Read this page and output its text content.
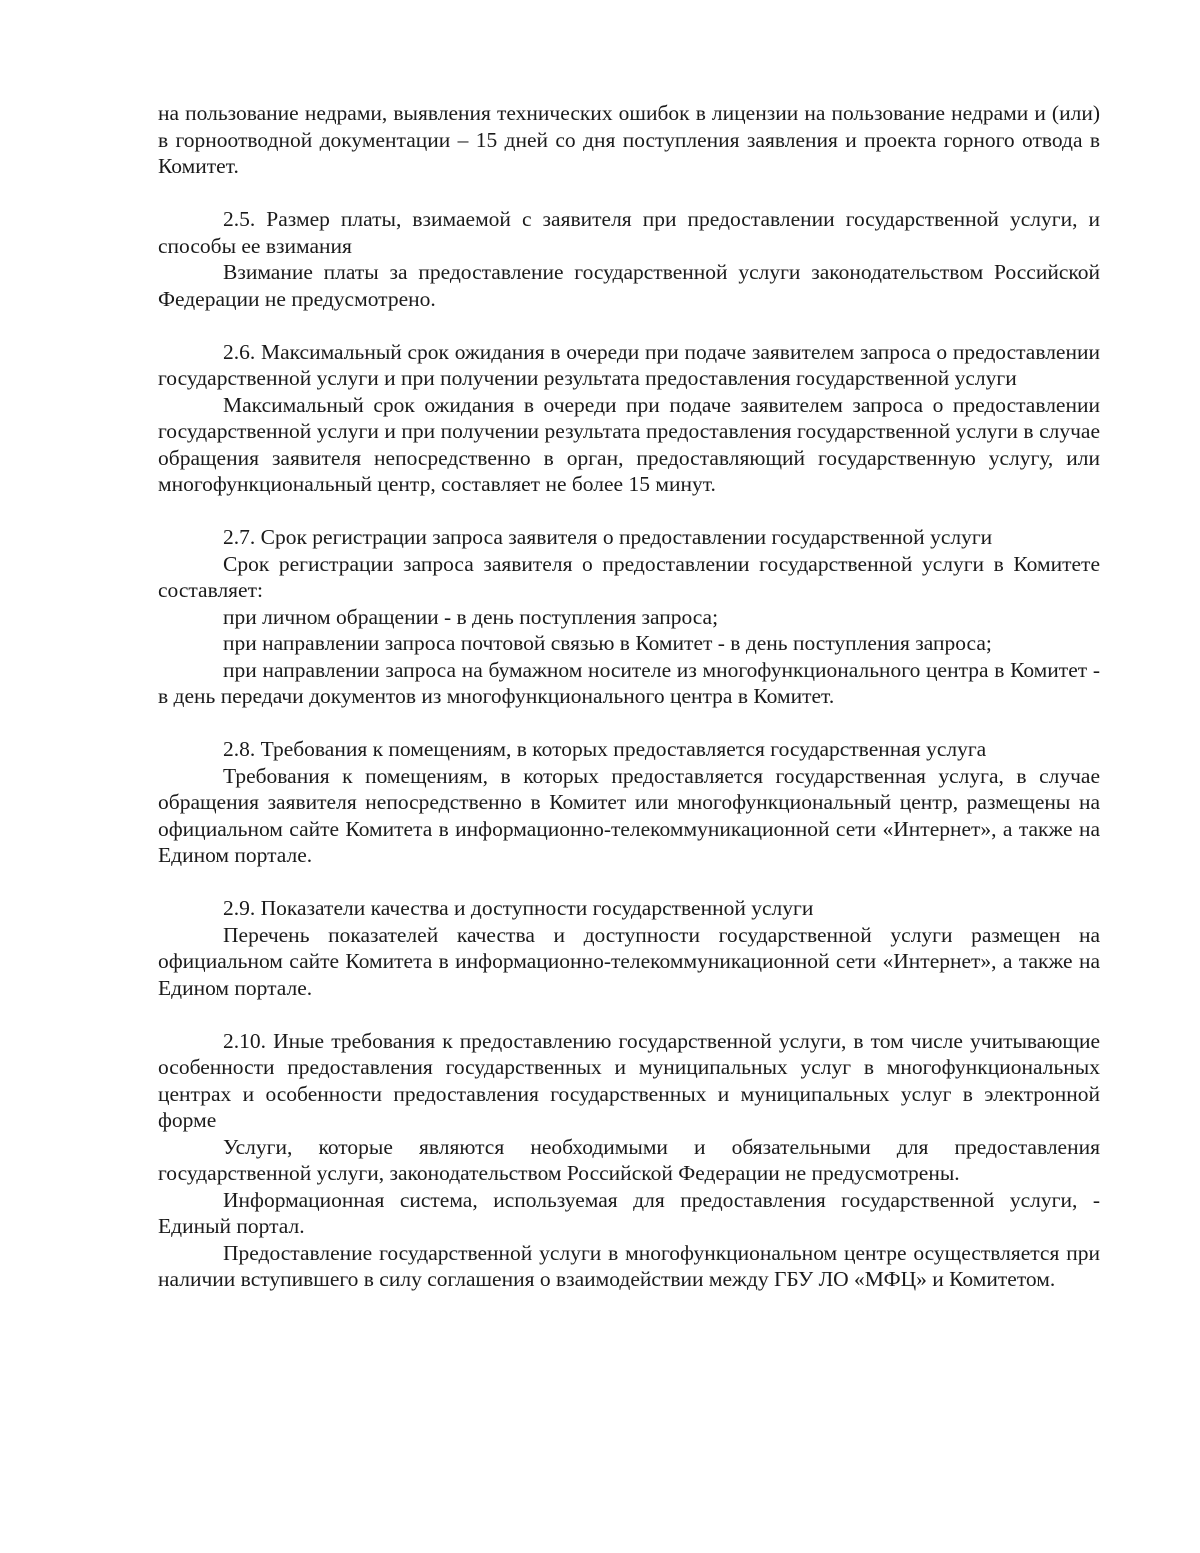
на пользование недрами, выявления технических ошибок в лицензии на пользование недрами и (или) в горноотводной документации – 15 дней со дня поступления заявления и проекта горного отвода в Комитет.

2.5. Размер платы, взимаемой с заявителя при предоставлении государственной услуги, и способы ее взимания

Взимание платы за предоставление государственной услуги законодательством Российской Федерации не предусмотрено.

2.6. Максимальный срок ожидания в очереди при подаче заявителем запроса о предоставлении государственной услуги и при получении результата предоставления государственной услуги

Максимальный срок ожидания в очереди при подаче заявителем запроса о предоставлении государственной услуги и при получении результата предоставления государственной услуги в случае обращения заявителя непосредственно в орган, предоставляющий государственную услугу, или многофункциональный центр, составляет не более 15 минут.

2.7. Срок регистрации запроса заявителя о предоставлении государственной услуги

Срок регистрации запроса заявителя о предоставлении государственной услуги в Комитете составляет:

при личном обращении - в день поступления запроса;

при направлении запроса почтовой связью в Комитет - в день поступления запроса;

при направлении запроса на бумажном носителе из многофункционального центра в Комитет - в день передачи документов из многофункционального центра в Комитет.

2.8. Требования к помещениям, в которых предоставляется государственная услуга

Требования к помещениям, в которых предоставляется государственная услуга, в случае обращения заявителя непосредственно в Комитет или многофункциональный центр, размещены на официальном сайте Комитета в информационно-телекоммуникационной сети «Интернет», а также на Едином портале.

2.9. Показатели качества и доступности государственной услуги

Перечень показателей качества и доступности государственной услуги размещен на официальном сайте Комитета в информационно-телекоммуникационной сети «Интернет», а также на Едином портале.

2.10. Иные требования к предоставлению государственной услуги, в том числе учитывающие особенности предоставления государственных и муниципальных услуг в многофункциональных центрах и особенности предоставления государственных и муниципальных услуг в электронной форме

Услуги, которые являются необходимыми и обязательными для предоставления государственной услуги, законодательством Российской Федерации не предусмотрены.

Информационная система, используемая для предоставления государственной услуги, - Единый портал.

Предоставление государственной услуги в многофункциональном центре осуществляется при наличии вступившего в силу соглашения о взаимодействии между ГБУ ЛО «МФЦ» и Комитетом.
